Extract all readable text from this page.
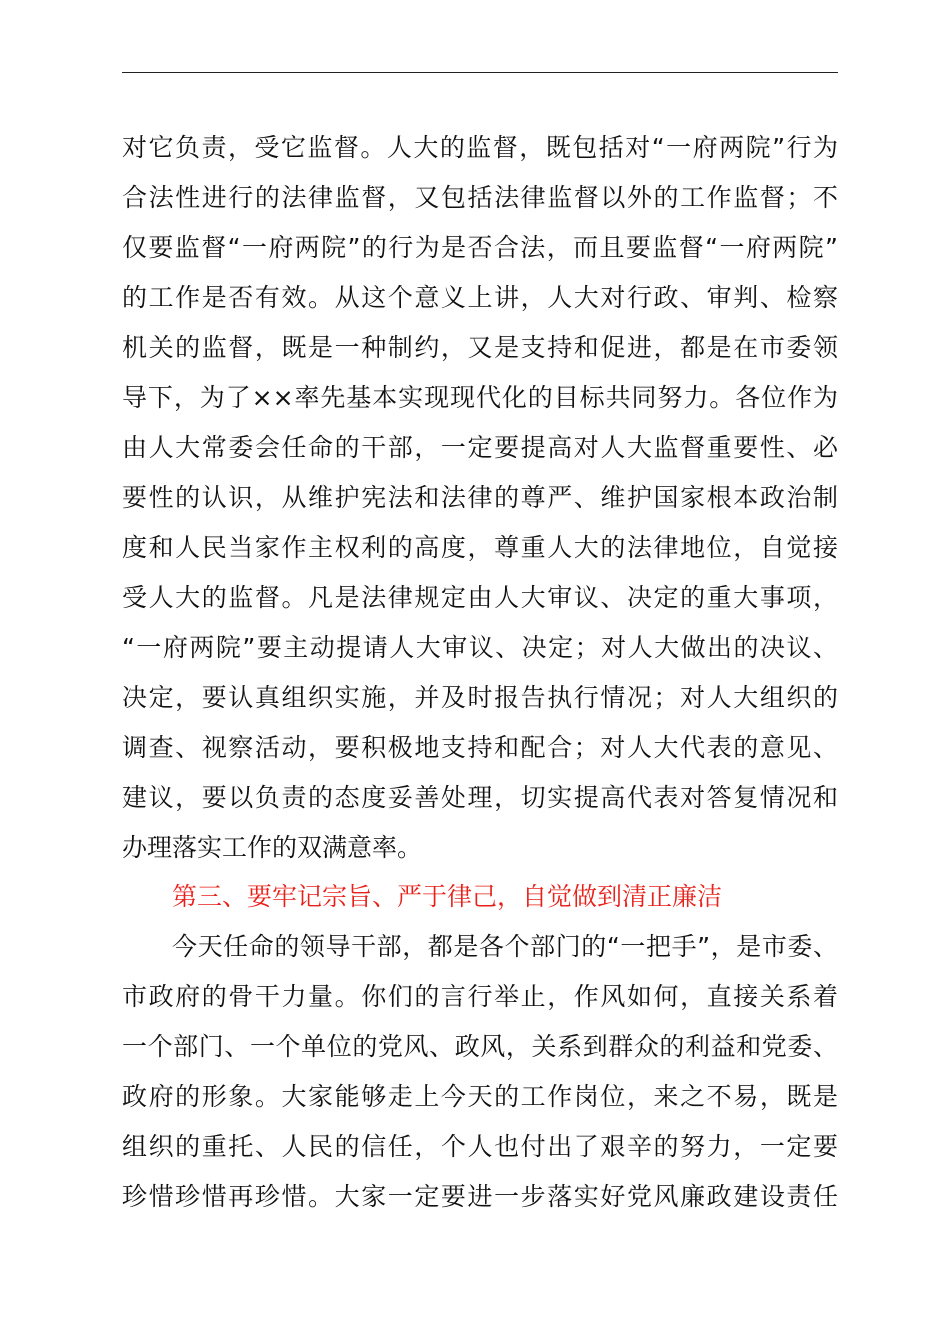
对它负责，受它监督。人大的监督，既包括对“一府两院”行为
合法性进行的法律监督，又包括法律监督以外的工作监督；不
仅要监督“一府两院”的行为是否合法，而且要监督“一府两院”
的工作是否有效。从这个意义上讲，人大对行政、审判、检察
机关的监督，既是一种制约，又是支持和促进，都是在市委领
导下，为了××率先基本实现现代化的目标共同努力。各位作为
由人大常委会任命的干部，一定要提高对人大监督重要性、必
要性的认识，从维护宪法和法律的尊严、维护国家根本政治制
度和人民当家作主权利的高度，尊重人大的法律地位，自觉接
受人大的监督。凡是法律规定由人大审议、决定的重大事项，
“一府两院”要主动提请人大审议、决定；对人大做出的决议、
决定，要认真组织实施，并及时报告执行情况；对人大组织的
调查、视察活动，要积极地支持和配合；对人大代表的意见、
建议，要以负责的态度妥善处理，切实提高代表对答复情况和
办理落实工作的双满意率。
第三、要牢记宗旨、严于律己，自觉做到清正廉洁
今天任命的领导干部，都是各个部门的“一把手”，是市委、
市政府的骨干力量。你们的言行举止，作风如何，直接关系着
一个部门、一个单位的党风、政风，关系到群众的利益和党委、
政府的形象。大家能够走上今天的工作岗位，来之不易，既是
组织的重托、人民的信任，个人也付出了艰辛的努力，一定要
珍惜珍惜再珍惜。大家一定要进一步落实好党风廉政建设责任
